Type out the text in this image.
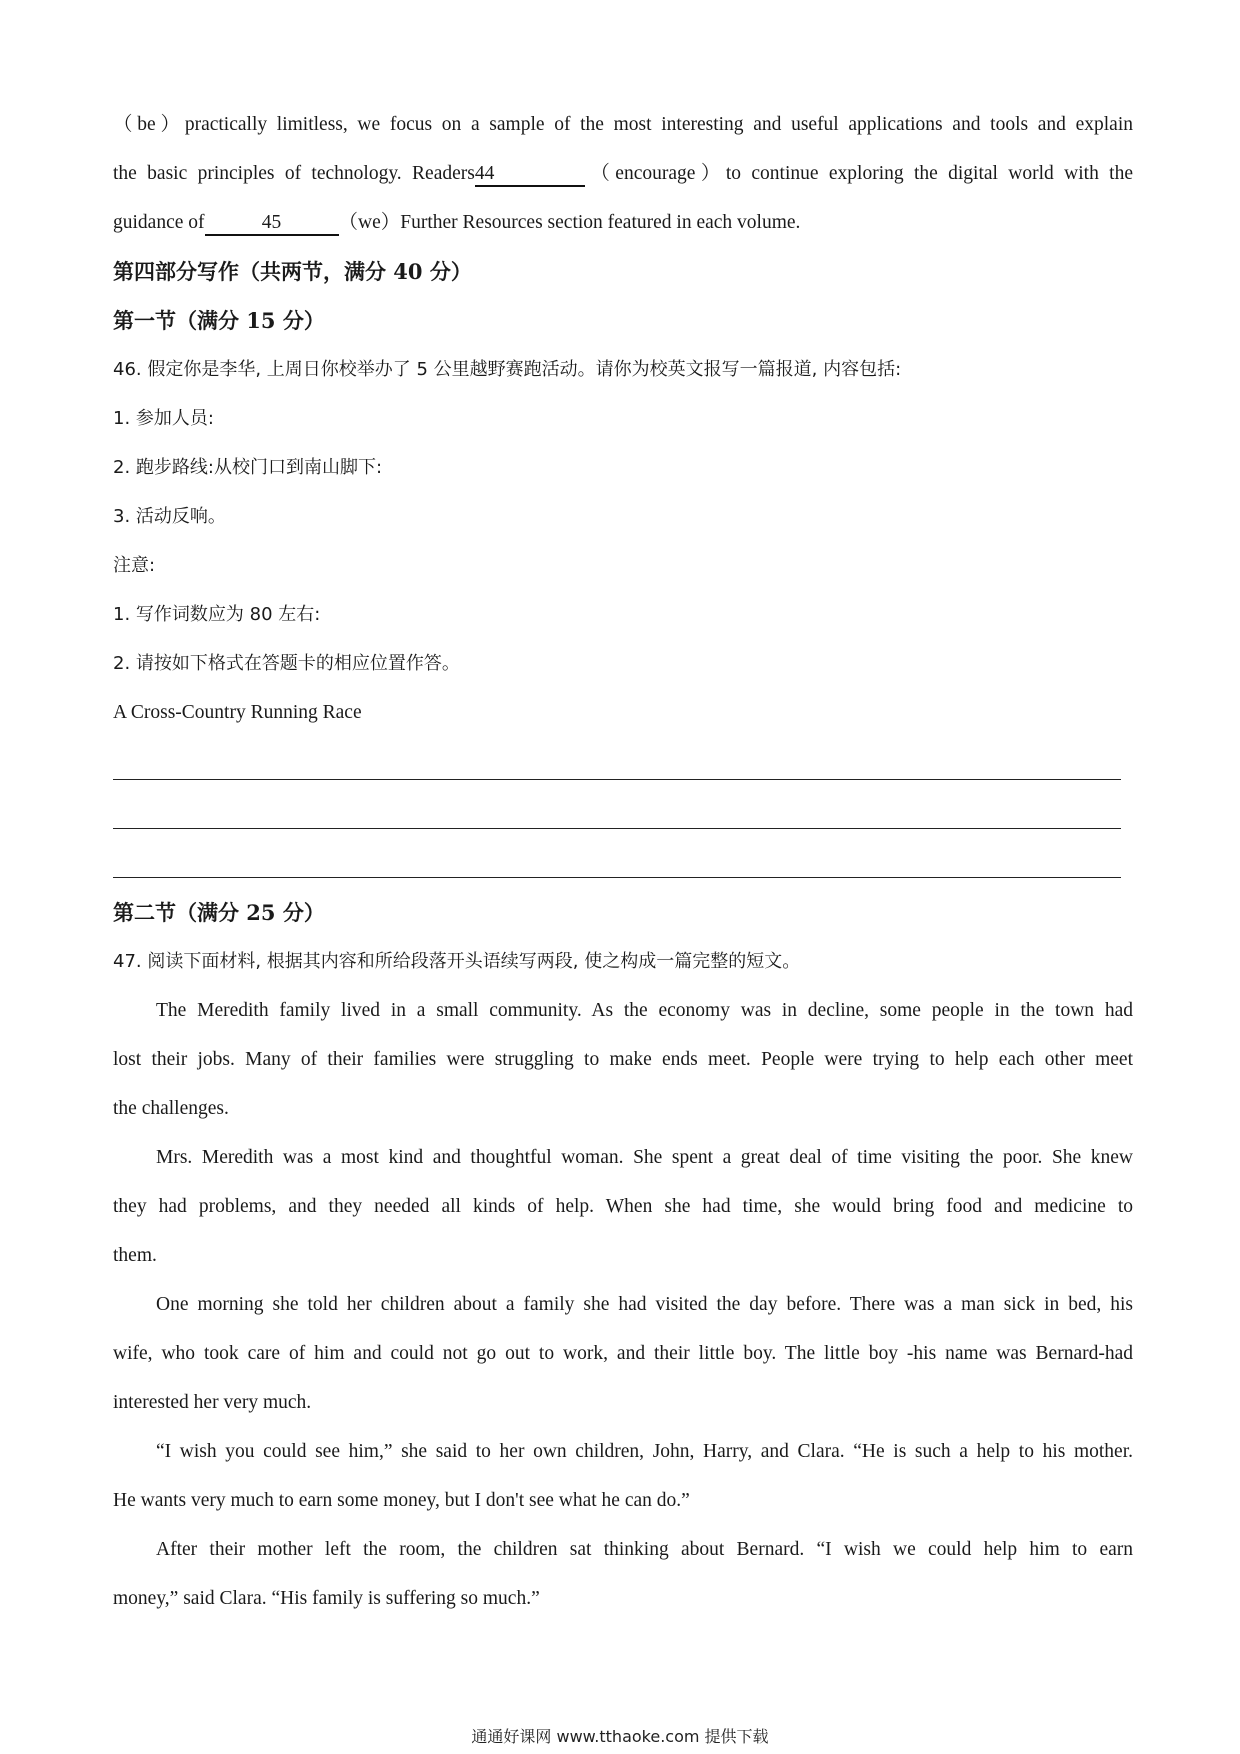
（be）practically limitless, we focus on a sample of the most interesting and useful applications and tools and explain
the basic principles of technology. Readers44	（encourage）to continue exploring the digital world with the
guidance of	45	（we）Further Resources section featured in each volume.
第四部分写作（共两节，满分 40 分）
第一节（满分 15 分）
46. 假定你是李华, 上周日你校举办了 5 公里越野赛跑活动。请你为校英文报写一篇报道, 内容包括:
1. 参加人员:
2. 跑步路线:从校门口到南山脚下:
3. 活动反响。
注意:
1. 写作词数应为 80 左右:
2. 请按如下格式在答题卡的相应位置作答。
A Cross-Country Running Race
第二节（满分 25 分）
47. 阅读下面材料, 根据其内容和所给段落开头语续写两段, 使之构成一篇完整的短文。
The Meredith family lived in a small community. As the economy was in decline, some people in the town had
lost their jobs. Many of their families were struggling to make ends meet. People were trying to help each other meet
the challenges.
Mrs. Meredith was a most kind and thoughtful woman. She spent a great deal of time visiting the poor. She knew
they had problems, and they needed all kinds of help. When she had time, she would bring food and medicine to
them.
One morning she told her children about a family she had visited the day before. There was a man sick in bed, his
wife, who took care of him and could not go out to work, and their little boy. The little boy -his name was Bernard-had
interested her very much.
“I wish you could see him,” she said to her own children, John, Harry, and Clara. “He is such a help to his mother.
He wants very much to earn some money, but I don't see what he can do.”
After their mother left the room, the children sat thinking about Bernard. “I wish we could help him to earn
money,” said Clara. “His family is suffering so much.”
通通好课网 www.tthaoke.com 提供下载
